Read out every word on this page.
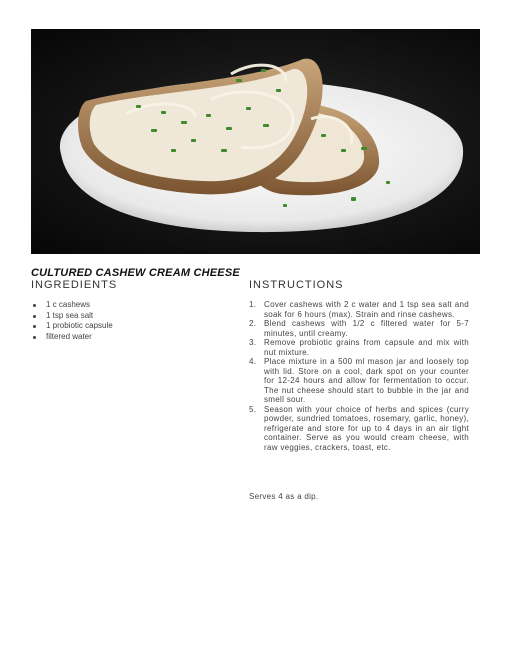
CULTURED CASHEW CREAM CHEESE
INGREDIENTS
1 c cashews
1 tsp sea salt
1 probiotic capsule
filtered water
INSTRUCTIONS
1. Cover cashews with 2 c water and 1 tsp sea salt and soak for 6 hours (max). Strain and rinse cashews.
2. Blend cashews with 1/2 c filtered water for 5-7 minutes, until creamy.
3. Remove probiotic grains from capsule and mix with nut mixture.
4. Place mixture in a 500 ml mason jar and loosely top with lid. Store on a cool, dark spot on your counter for 12-24 hours and allow for fermentation to occur. The nut cheese should start to bubble in the jar and smell sour.
5. Season with your choice of herbs and spices (curry powder, sundried tomatoes, rosemary, garlic, honey), refrigerate and store for up to 4 days in an air tight container. Serve as you would cream cheese, with raw veggies, crackers, toast, etc.
Serves 4 as a dip.
